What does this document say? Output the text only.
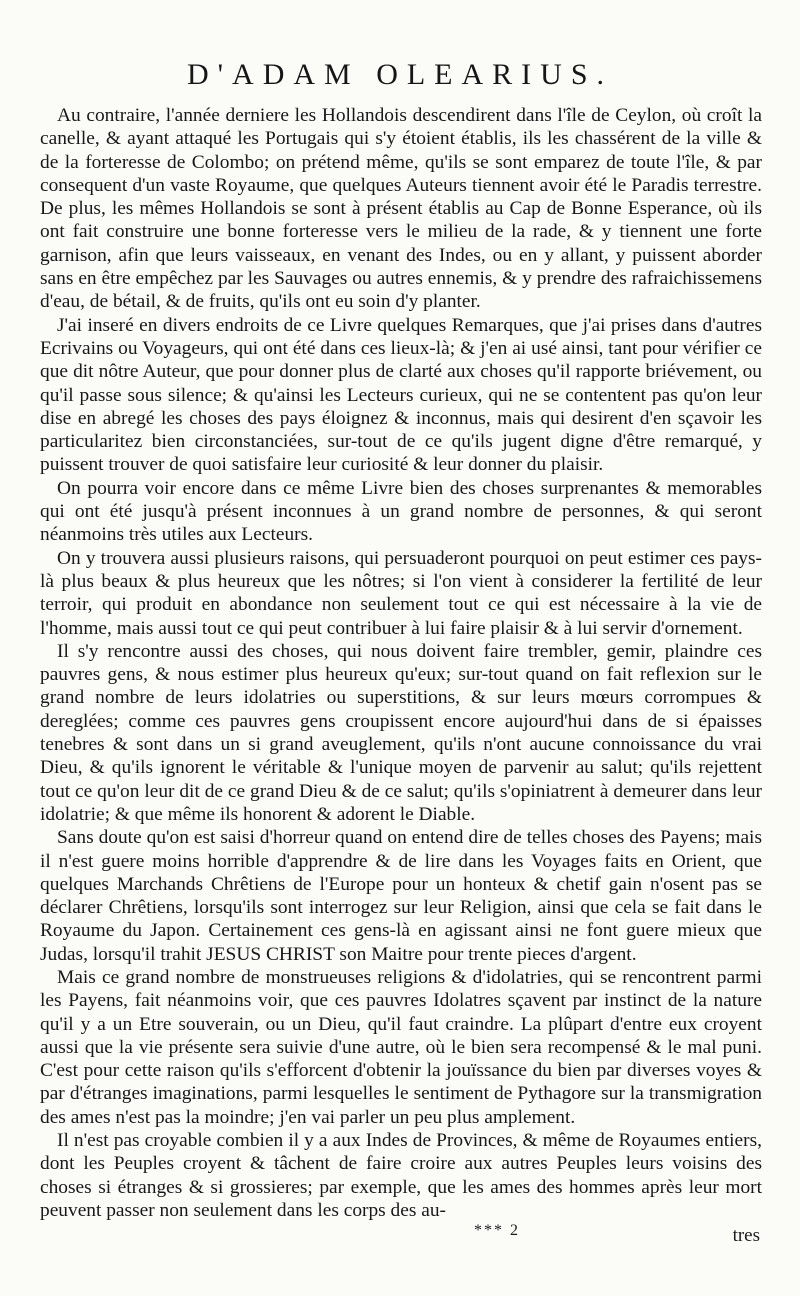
D'ADAM OLEARIUS.

Au contraire, l'année derniere les Hollandois descendirent dans l'île de Ceylon, où croît la canelle, & ayant attaqué les Portugais qui s'y étoient établis, ils les chassérent de la ville & de la forteresse de Colombo; on prétend même, qu'ils se sont emparez de toute l'île, & par consequent d'un vaste Royaume, que quelques Auteurs tiennent avoir été le Paradis terrestre. De plus, les mêmes Hollandois se sont à présent établis au Cap de Bonne Esperance, où ils ont fait construire une bonne forteresse vers le milieu de la rade, & y tiennent une forte garnison, afin que leurs vaisseaux, en venant des Indes, ou en y allant, y puissent aborder sans en être empêchez par les Sauvages ou autres ennemis, & y prendre des rafraichissemens d'eau, de bétail, & de fruits, qu'ils ont eu soin d'y planter.

J'ai inseré en divers endroits de ce Livre quelques Remarques, que j'ai prises dans d'autres Ecrivains ou Voyageurs, qui ont été dans ces lieux-là; & j'en ai usé ainsi, tant pour vérifier ce que dit nôtre Auteur, que pour donner plus de clarté aux choses qu'il rapporte briévement, ou qu'il passe sous silence; & qu'ainsi les Lecteurs curieux, qui ne se contentent pas qu'on leur dise en abregé les choses des pays éloignez & inconnus, mais qui desirent d'en sçavoir les particularitez bien circonstanciées, sur-tout de ce qu'ils jugent digne d'être remarqué, y puissent trouver de quoi satisfaire leur curiosité & leur donner du plaisir.

On pourra voir encore dans ce même Livre bien des choses surprenantes & memorables qui ont été jusqu'à présent inconnues à un grand nombre de personnes, & qui seront néanmoins très utiles aux Lecteurs.

On y trouvera aussi plusieurs raisons, qui persuaderont pourquoi on peut estimer ces pays-là plus beaux & plus heureux que les nôtres; si l'on vient à considerer la fertilité de leur terroir, qui produit en abondance non seulement tout ce qui est nécessaire à la vie de l'homme, mais aussi tout ce qui peut contribuer à lui faire plaisir & à lui servir d'ornement.

Il s'y rencontre aussi des choses, qui nous doivent faire trembler, gemir, plaindre ces pauvres gens, & nous estimer plus heureux qu'eux; sur-tout quand on fait reflexion sur le grand nombre de leurs idolatries ou superstitions, & sur leurs mœurs corrompues & dereglées; comme ces pauvres gens croupissent encore aujourd'hui dans de si épaisses tenebres & sont dans un si grand aveuglement, qu'ils n'ont aucune connoissance du vrai Dieu, & qu'ils ignorent le véritable & l'unique moyen de parvenir au salut; qu'ils rejettent tout ce qu'on leur dit de ce grand Dieu & de ce salut; qu'ils s'opiniatrent à demeurer dans leur idolatrie; & que même ils honorent & adorent le Diable.

Sans doute qu'on est saisi d'horreur quand on entend dire de telles choses des Payens; mais il n'est guere moins horrible d'apprendre & de lire dans les Voyages faits en Orient, que quelques Marchands Chrêtiens de l'Europe pour un honteux & chetif gain n'osent pas se déclarer Chrêtiens, lorsqu'ils sont interrogez sur leur Religion, ainsi que cela se fait dans le Royaume du Japon. Certainement ces gens-là en agissant ainsi ne font guere mieux que Judas, lorsqu'il trahit JESUS CHRIST son Maitre pour trente pieces d'argent.

Mais ce grand nombre de monstrueuses religions & d'idolatries, qui se rencontrent parmi les Payens, fait néanmoins voir, que ces pauvres Idolatres sçavent par instinct de la nature qu'il y a un Etre souverain, ou un Dieu, qu'il faut craindre. La plûpart d'entre eux croyent aussi que la vie présente sera suivie d'une autre, où le bien sera recompensé & le mal puni. C'est pour cette raison qu'ils s'efforcent d'obtenir la jouïssance du bien par diverses voyes & par d'étranges imaginations, parmi lesquelles le sentiment de Pythagore sur la transmigration des ames n'est pas la moindre; j'en vai parler un peu plus amplement.

Il n'est pas croyable combien il y a aux Indes de Provinces, & même de Royaumes entiers, dont les Peuples croyent & tâchent de faire croire aux autres Peuples leurs voisins des choses si étranges & si grossieres; par exemple, que les ames des hommes après leur mort peuvent passer non seulement dans les corps des au-

*** 2	tres
